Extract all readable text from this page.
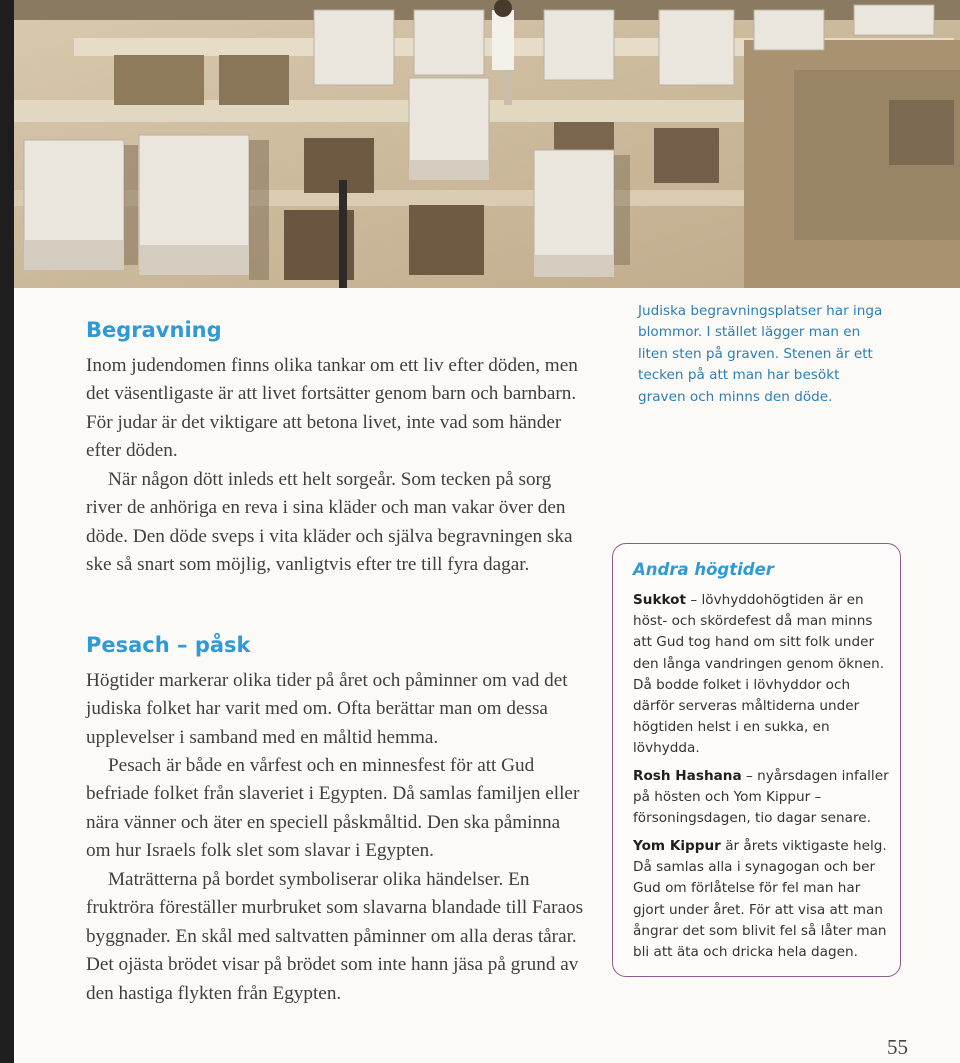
Begravning

Inom judendomen finns olika tankar om ett liv efter döden, men det väsentligaste är att livet fortsätter genom barn och barnbarn. För judar är det viktigare att betona livet, inte vad som händer efter döden.

När någon dött inleds ett helt sorgeår. Som tecken på sorg river de anhöriga en reva i sina kläder och man vakar över den döde. Den döde sveps i vita kläder och själva begravningen ska ske så snart som möjlig, vanligtvis efter tre till fyra dagar.

Judiska begravningsplatser har inga blommor. I stället lägger man en liten sten på graven. Stenen är ett tecken på att man har besökt graven och minns den döde.

Pesach – påsk

Högtider markerar olika tider på året och påminner om vad det judiska folket har varit med om. Ofta berättar man om dessa upplevelser i samband med en måltid hemma.

Pesach är både en vårfest och en minnesfest för att Gud befriade folket från slaveriet i Egypten. Då samlas familjen eller nära vänner och äter en speciell påskmåltid. Den ska påminna om hur Israels folk slet som slavar i Egypten.

Maträtterna på bordet symboliserar olika händelser. En fruktröra föreställer murbruket som slavarna blandade till Faraos byggnader. En skål med saltvatten påminner om alla deras tårar. Det ojästa brödet visar på brödet som inte hann jäsa på grund av den hastiga flykten från Egypten.

Andra högtider

Sukkot – lövhyddohögtiden är en höst- och skördefest då man minns att Gud tog hand om sitt folk under den långa vandringen genom öknen. Då bodde folket i lövhyddor och därför serveras måltiderna under högtiden helst i en sukka, en lövhydda.

Rosh Hashana – nyårsdagen infaller på hösten och Yom Kippur – försoningsdagen, tio dagar senare.

Yom Kippur är årets viktigaste helg. Då samlas alla i synagogan och ber Gud om förlåtelse för fel man har gjort under året. För att visa att man ångrar det som blivit fel så låter man bli att äta och dricka hela dagen.

55
